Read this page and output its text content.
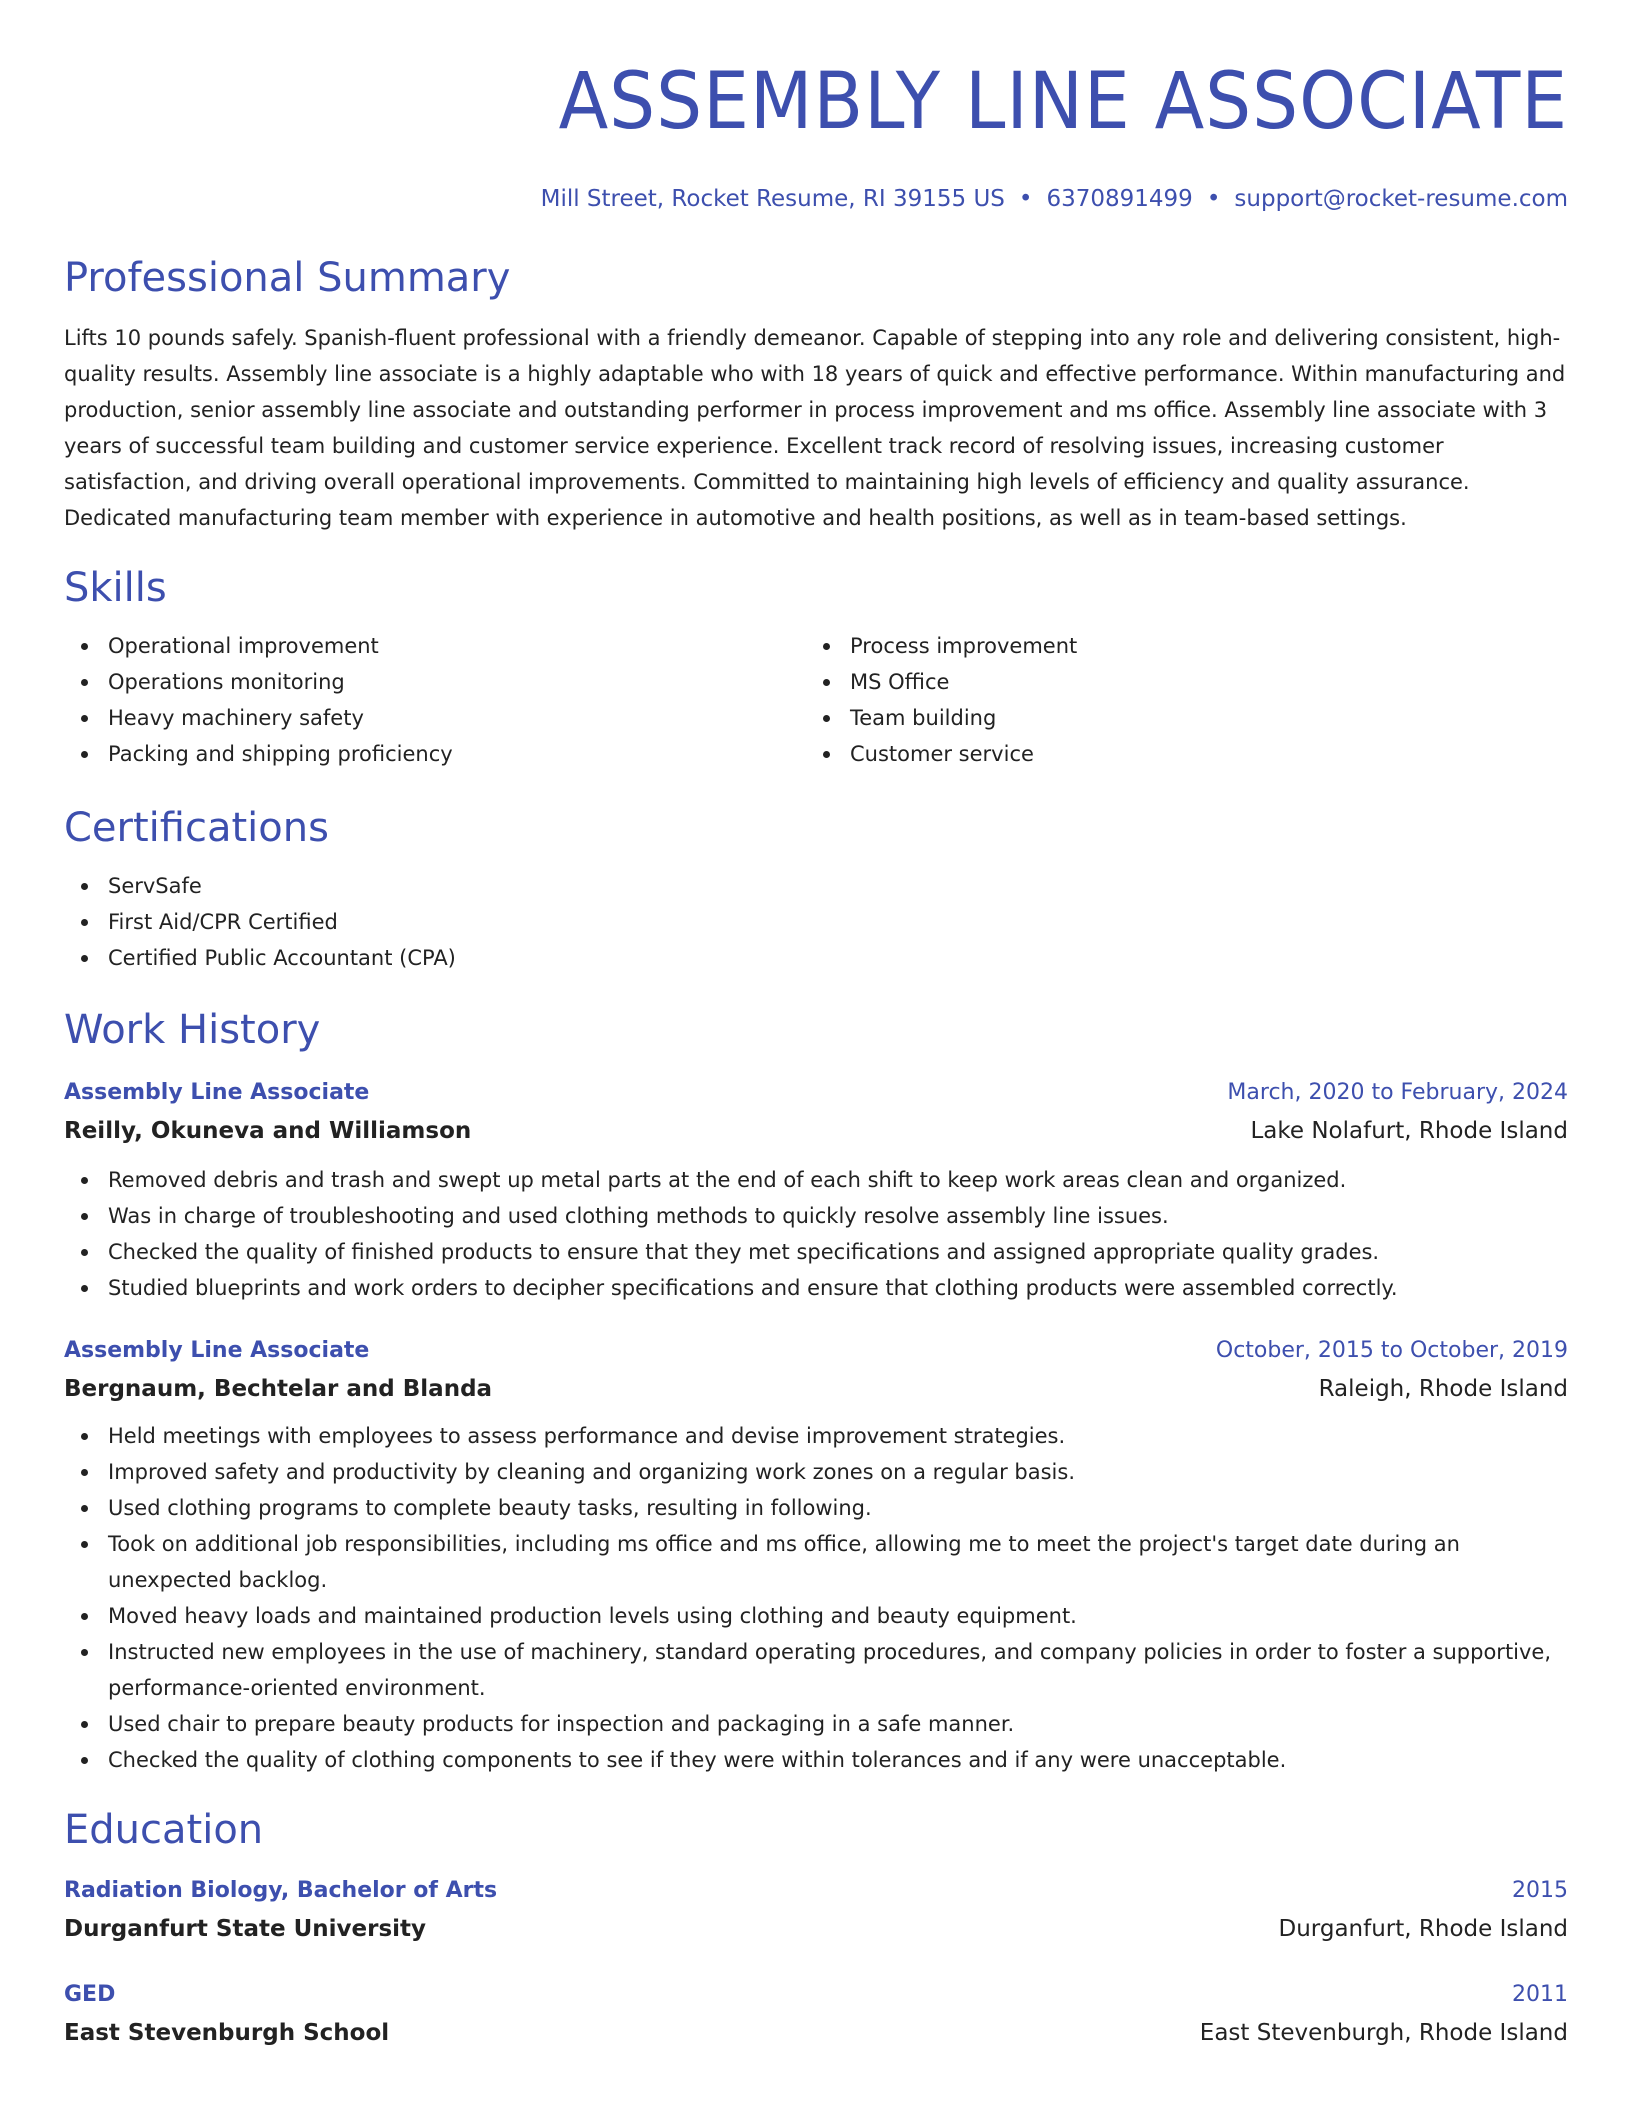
ASSEMBLY LINE ASSOCIATE
Mill Street, Rocket Resume, RI 39155 US • 6370891499 • support@rocket-resume.com
Professional Summary
Lifts 10 pounds safely. Spanish-fluent professional with a friendly demeanor. Capable of stepping into any role and delivering consistent, high-quality results. Assembly line associate is a highly adaptable who with 18 years of quick and effective performance. Within manufacturing and production, senior assembly line associate and outstanding performer in process improvement and ms office. Assembly line associate with 3 years of successful team building and customer service experience. Excellent track record of resolving issues, increasing customer satisfaction, and driving overall operational improvements. Committed to maintaining high levels of efficiency and quality assurance. Dedicated manufacturing team member with experience in automotive and health positions, as well as in team-based settings.
Skills
Operational improvement
Operations monitoring
Heavy machinery safety
Packing and shipping proficiency
Process improvement
MS Office
Team building
Customer service
Certifications
ServSafe
First Aid/CPR Certified
Certified Public Accountant (CPA)
Work History
Assembly Line Associate	March, 2020 to February, 2024
Reilly, Okuneva and Williamson	Lake Nolafurt, Rhode Island
Removed debris and trash and swept up metal parts at the end of each shift to keep work areas clean and organized.
Was in charge of troubleshooting and used clothing methods to quickly resolve assembly line issues.
Checked the quality of finished products to ensure that they met specifications and assigned appropriate quality grades.
Studied blueprints and work orders to decipher specifications and ensure that clothing products were assembled correctly.
Assembly Line Associate	October, 2015 to October, 2019
Bergnaum, Bechtelar and Blanda	Raleigh, Rhode Island
Held meetings with employees to assess performance and devise improvement strategies.
Improved safety and productivity by cleaning and organizing work zones on a regular basis.
Used clothing programs to complete beauty tasks, resulting in following.
Took on additional job responsibilities, including ms office and ms office, allowing me to meet the project's target date during an unexpected backlog.
Moved heavy loads and maintained production levels using clothing and beauty equipment.
Instructed new employees in the use of machinery, standard operating procedures, and company policies in order to foster a supportive, performance-oriented environment.
Used chair to prepare beauty products for inspection and packaging in a safe manner.
Checked the quality of clothing components to see if they were within tolerances and if any were unacceptable.
Education
Radiation Biology, Bachelor of Arts	2015
Durganfurt State University	Durganfurt, Rhode Island
GED	2011
East Stevenburgh School	East Stevenburgh, Rhode Island
